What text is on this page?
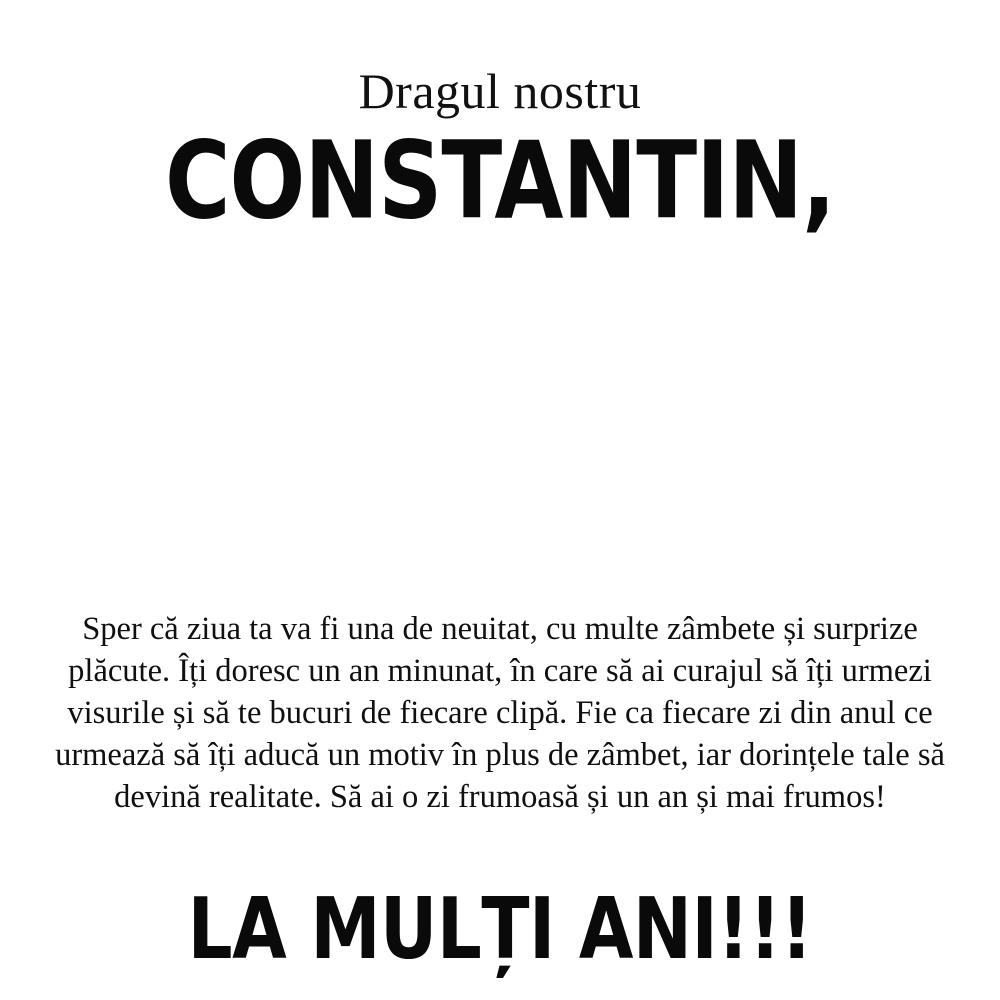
Dragul nostru
CONSTANTIN,
Sper că ziua ta va fi una de neuitat, cu multe zâmbete și surprize plăcute. Îți doresc un an minunat, în care să ai curajul să îți urmezi visurile și să te bucuri de fiecare clipă. Fie ca fiecare zi din anul ce urmează să îți aducă un motiv în plus de zâmbet, iar dorințele tale să devină realitate. Să ai o zi frumoasă și un an și mai frumos!
LA MULȚI ANI!!!
